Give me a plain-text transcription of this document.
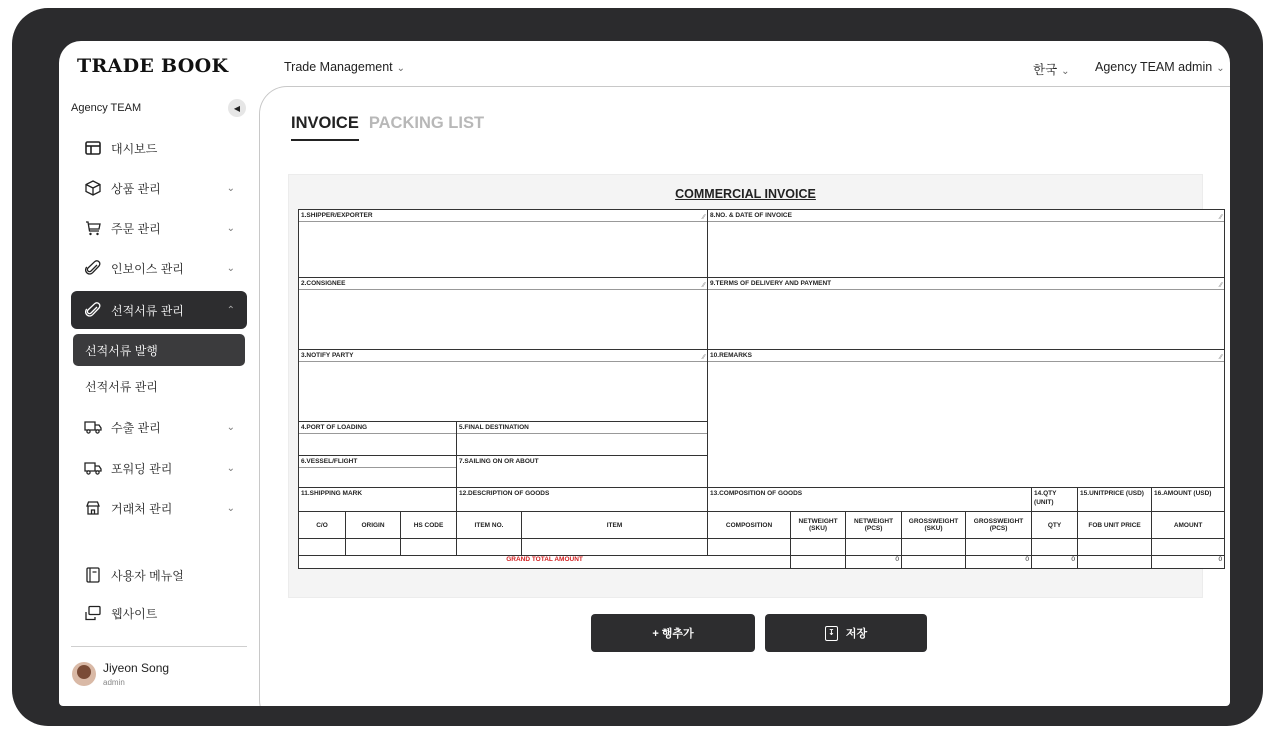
TRADE BOOK	Trade Management ⌄	한국 ⌄ Agency TEAM admin ⌄
Agency TEAM	◀
대시보드
상품 관리	⌄
주문 관리	⌄
인보이스 관리	⌄
선적서류 관리	⌃
선적서류 발행
선적서류 관리
수출 관리	⌄
포워딩 관리	⌄
거래처 관리	⌄
사용자 메뉴얼
웹사이트
Jiyeon Song
admin
INVOICE PACKING LIST
COMMERCIAL INVOICE
1.SHIPPER/EXPORTER ∕∕					8.NO. & DATE OF INVOICE ∕∕							

2.CONSIGNEE ∕∕					9.TERMS OF DELIVERY AND PAYMENT ∕∕							

3.NOTIFY PARTY ∕∕					10.REMARKS ∕∕							

4.PORT OF LOADING			5.FINAL DESTINATION									

6.VESSEL/FLIGHT			7.SAILING ON OR ABOUT									

11.SHIPPING MARK			12.DESCRIPTION OF GOODS		13.COMPOSITION OF GOODS					14.QTY (UNIT)	15.UNITPRICE (USD)	16.AMOUNT (USD)

C/O	ORIGIN	HS CODE	ITEM NO.	ITEM	COMPOSITION	NETWEIGHT (SKU)	NETWEIGHT (PCS)	GROSSWEIGHT (SKU)	GROSSWEIGHT (PCS)	QTY	FOB UNIT PRICE	AMOUNT

GRAND TOTAL AMOUNT							0		0	0		0
+ 행추가	↧ 저장
